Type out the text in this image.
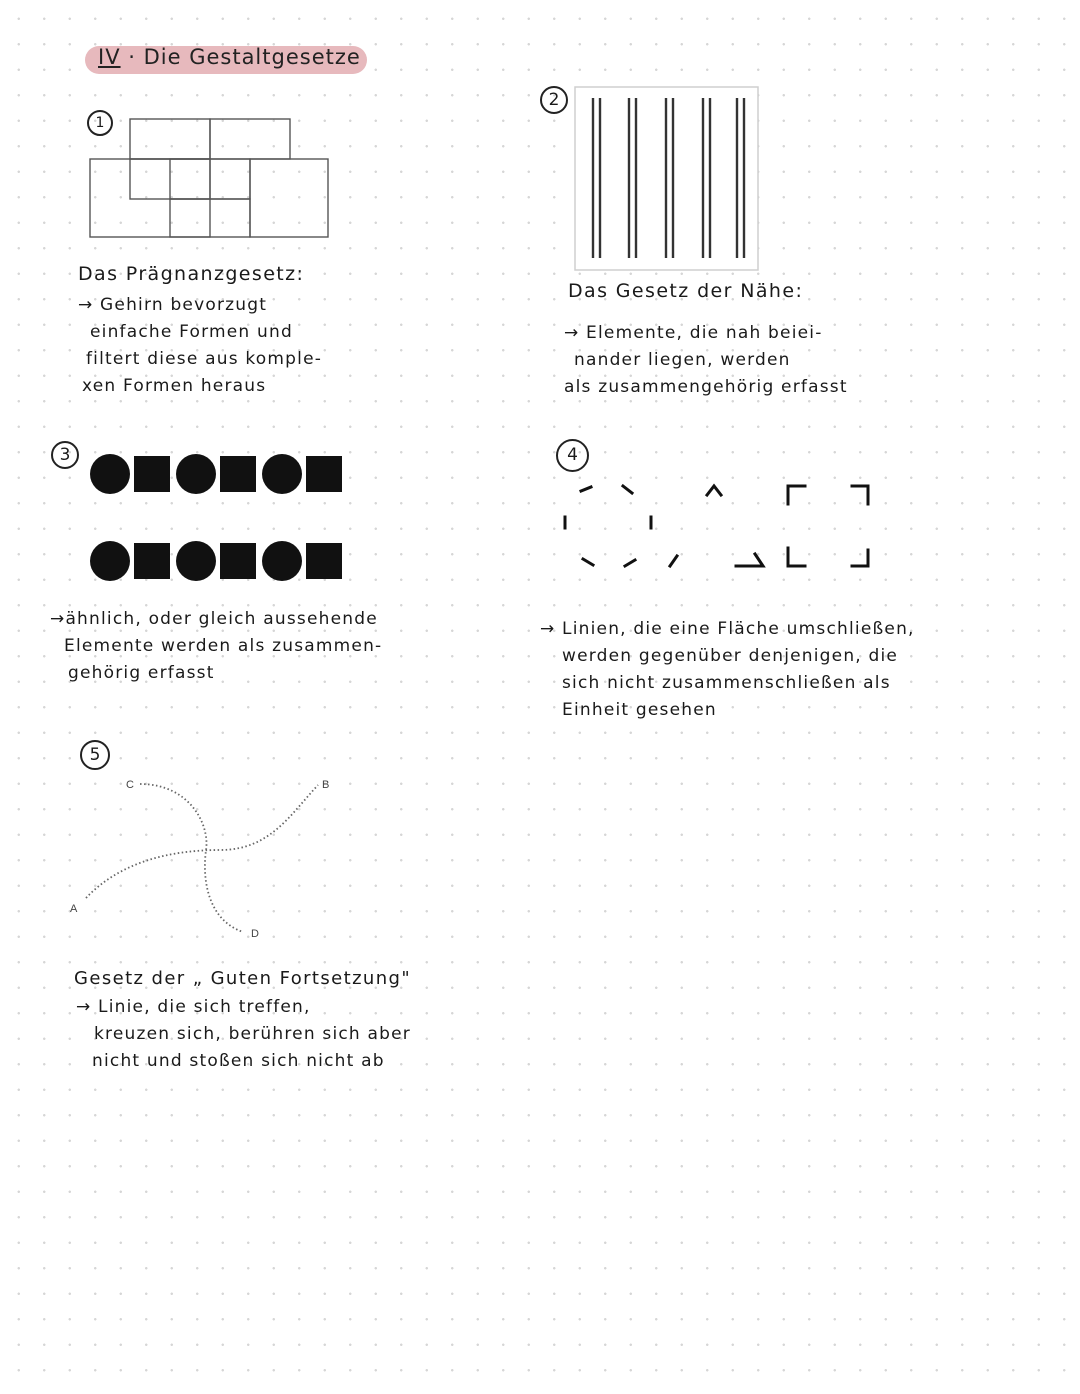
IV · Die Gestaltgesetze
1
Das Prägnanzgesetz:
→ Gehirn bevorzugt
einfache Formen und
filtert diese aus komple-
xen Formen heraus
2
Das Gesetz der Nähe:
→ Elemente, die nah beiei-
nander liegen, werden
als zusammengehörig erfasst
3
→ähnlich, oder gleich aussehende
Elemente werden als zusammen-
gehörig erfasst
4
→ Linien, die eine Fläche umschließen,
werden gegenüber denjenigen, die
sich nicht zusammenschließen als
Einheit gesehen
5
A
B
C
D
Gesetz der „ Guten Fortsetzung"
→ Linie, die sich treffen,
kreuzen sich, berühren sich aber
nicht und stoßen sich nicht ab
